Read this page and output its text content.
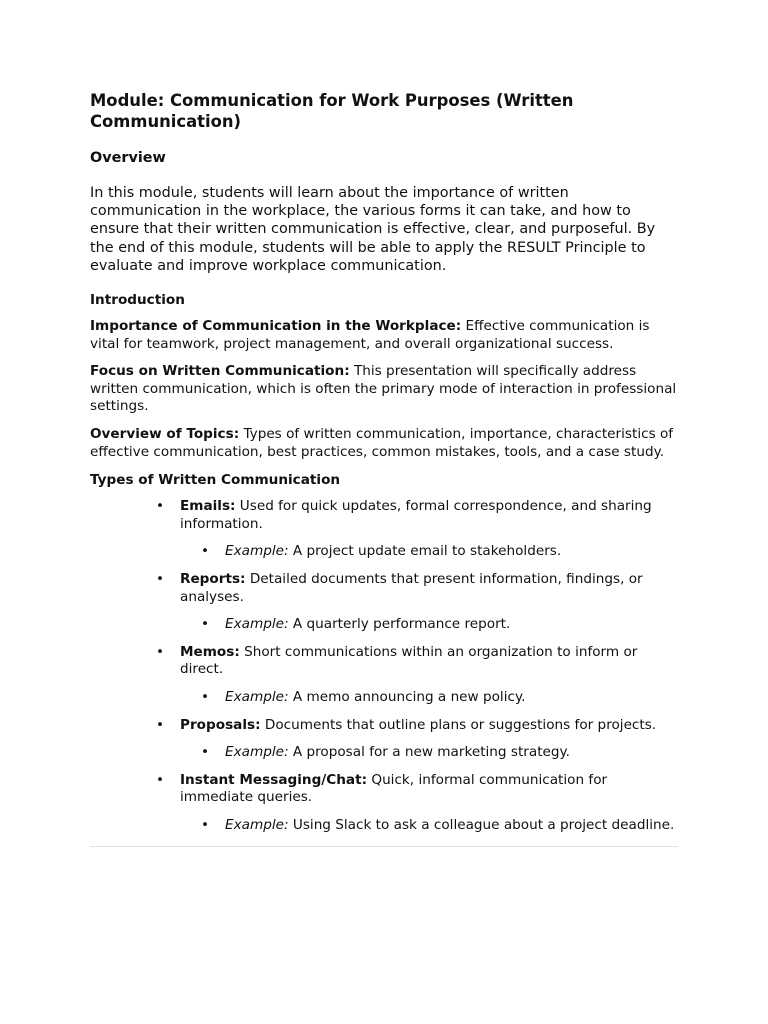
Module: Communication for Work Purposes (Written Communication)
Overview

In this module, students will learn about the importance of written communication in the workplace, the various forms it can take, and how to ensure that their written communication is effective, clear, and purposeful. By the end of this module, students will be able to apply the RESULT Principle to evaluate and improve workplace communication.

Introduction

Importance of Communication in the Workplace: Effective communication is vital for teamwork, project management, and overall organizational success.

Focus on Written Communication: This presentation will specifically address written communication, which is often the primary mode of interaction in professional settings.

Overview of Topics: Types of written communication, importance, characteristics of effective communication, best practices, common mistakes, tools, and a case study.

Types of Written Communication
• Emails: Used for quick updates, formal correspondence, and sharing information.
• Example: A project update email to stakeholders.
• Reports: Detailed documents that present information, findings, or analyses.
• Example: A quarterly performance report.
• Memos: Short communications within an organization to inform or direct.
• Example: A memo announcing a new policy.
• Proposals: Documents that outline plans or suggestions for projects.
• Example: A proposal for a new marketing strategy.
• Instant Messaging/Chat: Quick, informal communication for immediate queries.
• Example: Using Slack to ask a colleague about a project deadline.
